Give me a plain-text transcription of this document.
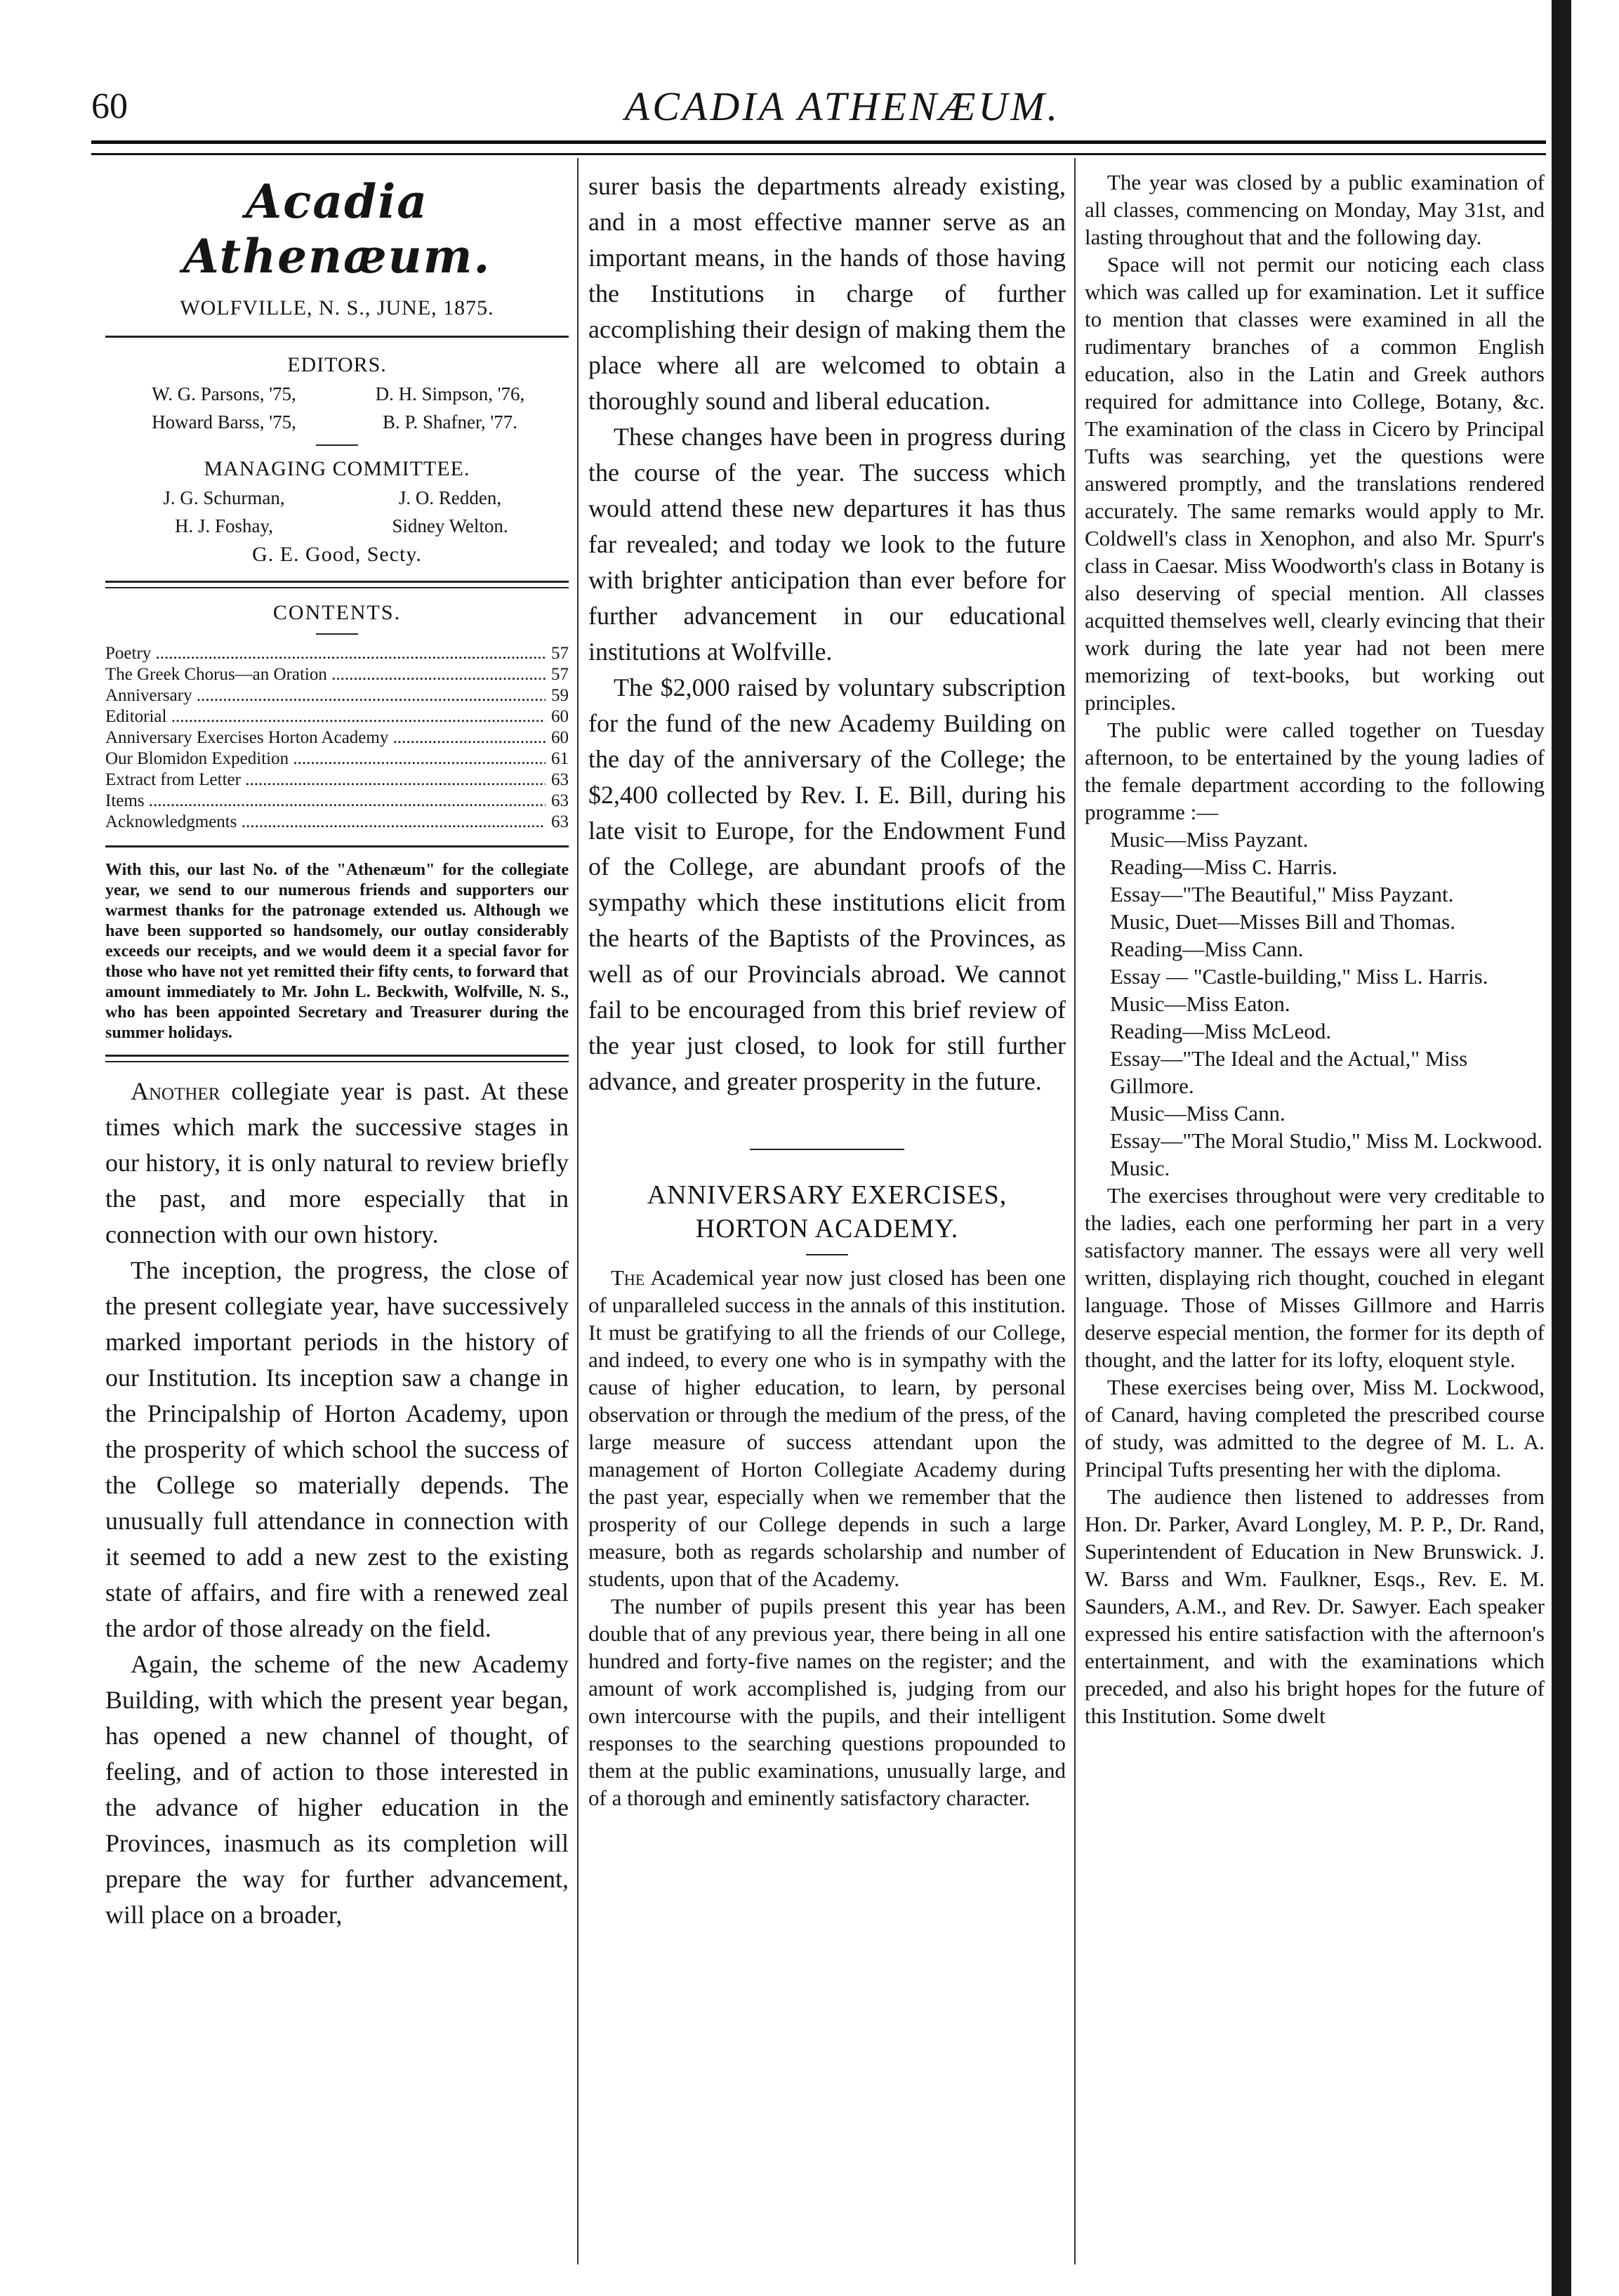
60	ACADIA ATHENÆUM.
Acadia Athenæum.
WOLFVILLE, N. S., JUNE, 1875.
EDITORS.
W. G. Parsons, '75,	D. H. Simpson, '76,
Howard Barss, '75,	B. P. Shafner, '77.
MANAGING COMMITTEE.
J. G. Schurman,	J. O. Redden,
H. J. Foshay,	Sidney Welton.
G. E. Good, Secty.
CONTENTS.
Poetry .....	57
The Greek Chorus—an Oration .....	57
Anniversary .....	59
Editorial .....	60
Anniversary Exercises Horton Academy .....	60
Our Blomidon Expedition .....	61
Extract from Letter .....	63
Items .....	63
Acknowledgments .....	63

With this, our last No. of the "Athenæum" for the collegiate year, we send to our numerous friends and supporters our warmest thanks for the patronage extended us. Although we have been supported so handsomely, our outlay considerably exceeds our receipts, and we would deem it a special favor for those who have not yet remitted their fifty cents, to forward that amount immediately to Mr. John L. Beckwith, Wolfville, N. S., who has been appointed Secretary and Treasurer during the summer holidays.

Another collegiate year is past. At these times which mark the successive stages in our history, it is only natural to review briefly the past, and more especially that in connection with our own history.

The inception, the progress, the close of the present collegiate year, have successively marked important periods in the history of our Institution. Its inception saw a change in the Principalship of Horton Academy, upon the prosperity of which school the success of the College so materially depends. The unusually full attendance in connection with it seemed to add a new zest to the existing state of affairs, and fire with a renewed zeal the ardor of those already on the field.

Again, the scheme of the new Academy Building, with which the present year began, has opened a new channel of thought, of feeling, and of action to those interested in the advance of higher education in the Provinces, inasmuch as its completion will prepare the way for further advancement, will place on a broader,

surer basis the departments already existing, and in a most effective manner serve as an important means, in the hands of those having the Institutions in charge of further accomplishing their design of making them the place where all are welcomed to obtain a thoroughly sound and liberal education.

These changes have been in progress during the course of the year. The success which would attend these new departures it has thus far revealed; and today we look to the future with brighter anticipation than ever before for further advancement in our educational institutions at Wolfville.

The $2,000 raised by voluntary subscription for the fund of the new Academy Building on the day of the anniversary of the College; the $2,400 collected by Rev. I. E. Bill, during his late visit to Europe, for the Endowment Fund of the College, are abundant proofs of the sympathy which these institutions elicit from the hearts of the Baptists of the Provinces, as well as of our Provincials abroad. We cannot fail to be encouraged from this brief review of the year just closed, to look for still further advance, and greater prosperity in the future.

ANNIVERSARY EXERCISES,

HORTON ACADEMY.

The Academical year now just closed has been one of unparalleled success in the annals of this institution. It must be gratifying to all the friends of our College, and indeed, to every one who is in sympathy with the cause of higher education, to learn, by personal observation or through the medium of the press, of the large measure of success attendant upon the management of Horton Collegiate Academy during the past year, especially when we remember that the prosperity of our College depends in such a large measure, both as regards scholarship and number of students, upon that of the Academy.

The number of pupils present this year has been double that of any previous year, there being in all one hundred and forty-five names on the register; and the amount of work accomplished is, judging from our own intercourse with the pupils, and their intelligent responses to the searching questions propounded to them at the public examinations, unusually large, and of a thorough and eminently satisfactory character.

The year was closed by a public examination of all classes, commencing on Monday, May 31st, and lasting throughout that and the following day.

Space will not permit our noticing each class which was called up for examination. Let it suffice to mention that classes were examined in all the rudimentary branches of a common English education, also in the Latin and Greek authors required for admittance into College, Botany, &c. The examination of the class in Cicero by Principal Tufts was searching, yet the questions were answered promptly, and the translations rendered accurately. The same remarks would apply to Mr. Coldwell's class in Xenophon, and also Mr. Spurr's class in Caesar. Miss Woodworth's class in Botany is also deserving of special mention. All classes acquitted themselves well, clearly evincing that their work during the late year had not been mere memorizing of text-books, but working out principles.

The public were called together on Tuesday afternoon, to be entertained by the young ladies of the female department according to the following programme :—

Music—Miss Payzant.

Reading—Miss C. Harris.

Essay—"The Beautiful," Miss Payzant.

Music, Duet—Misses Bill and Thomas.

Reading—Miss Cann.

Essay — "Castle-building," Miss L. Harris.

Music—Miss Eaton.

Reading—Miss McLeod.

Essay—"The Ideal and the Actual," Miss Gillmore.

Music—Miss Cann.

Essay—"The Moral Studio," Miss M. Lockwood.

Music.

The exercises throughout were very creditable to the ladies, each one performing her part in a very satisfactory manner. The essays were all very well written, displaying rich thought, couched in elegant language. Those of Misses Gillmore and Harris deserve especial mention, the former for its depth of thought, and the latter for its lofty, eloquent style.

These exercises being over, Miss M. Lockwood, of Canard, having completed the prescribed course of study, was admitted to the degree of M. L. A. Principal Tufts presenting her with the diploma.

The audience then listened to addresses from Hon. Dr. Parker, Avard Longley, M. P. P., Dr. Rand, Superintendent of Education in New Brunswick. J. W. Barss and Wm. Faulkner, Esqs., Rev. E. M. Saunders, A.M., and Rev. Dr. Sawyer. Each speaker expressed his entire satisfaction with the afternoon's entertainment, and with the examinations which preceded, and also his bright hopes for the future of this Institution. Some dwelt
